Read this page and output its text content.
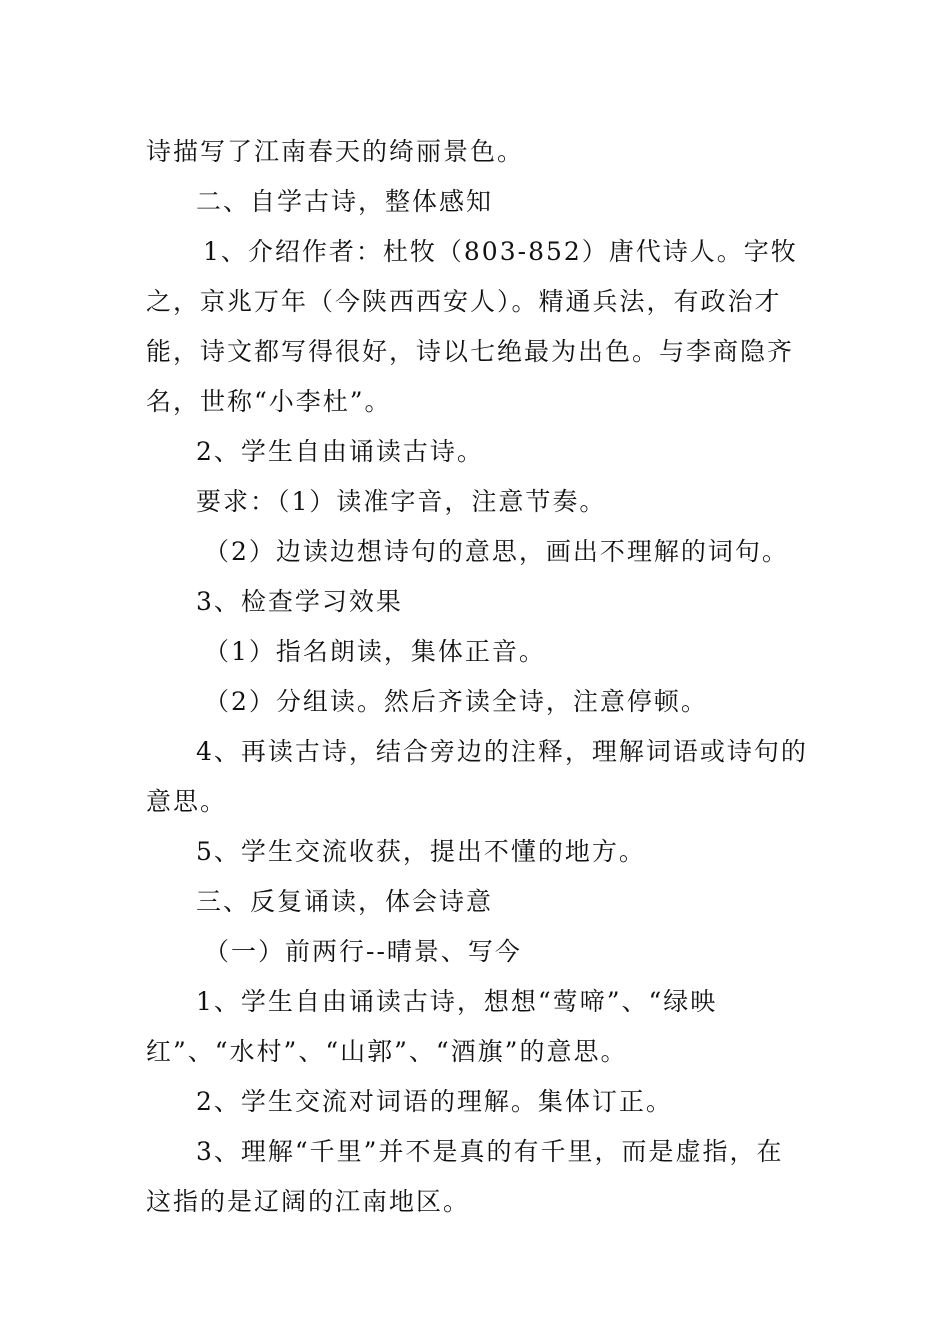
诗描写了江南春天的绮丽景色。

二、自学古诗，整体感知

1、介绍作者：杜牧（803-852）唐代诗人。字牧之，京兆万年（今陕西西安人）。精通兵法，有政治才能，诗文都写得很好，诗以七绝最为出色。与李商隐齐名，世称“小李杜”。

2、学生自由诵读古诗。

要求：（1）读准字音，注意节奏。

（2）边读边想诗句的意思，画出不理解的词句。

3、检查学习效果

（1）指名朗读，集体正音。

（2）分组读。然后齐读全诗，注意停顿。

4、再读古诗，结合旁边的注释，理解词语或诗句的意思。

5、学生交流收获，提出不懂的地方。

三、反复诵读，体会诗意

（一）前两行--晴景、写今

1、学生自由诵读古诗，想想“莺啼”、“绿映红”、“水村”、“山郭”、“酒旗”的意思。

2、学生交流对词语的理解。集体订正。

3、理解“千里”并不是真的有千里，而是虚指，在这指的是辽阔的江南地区。
